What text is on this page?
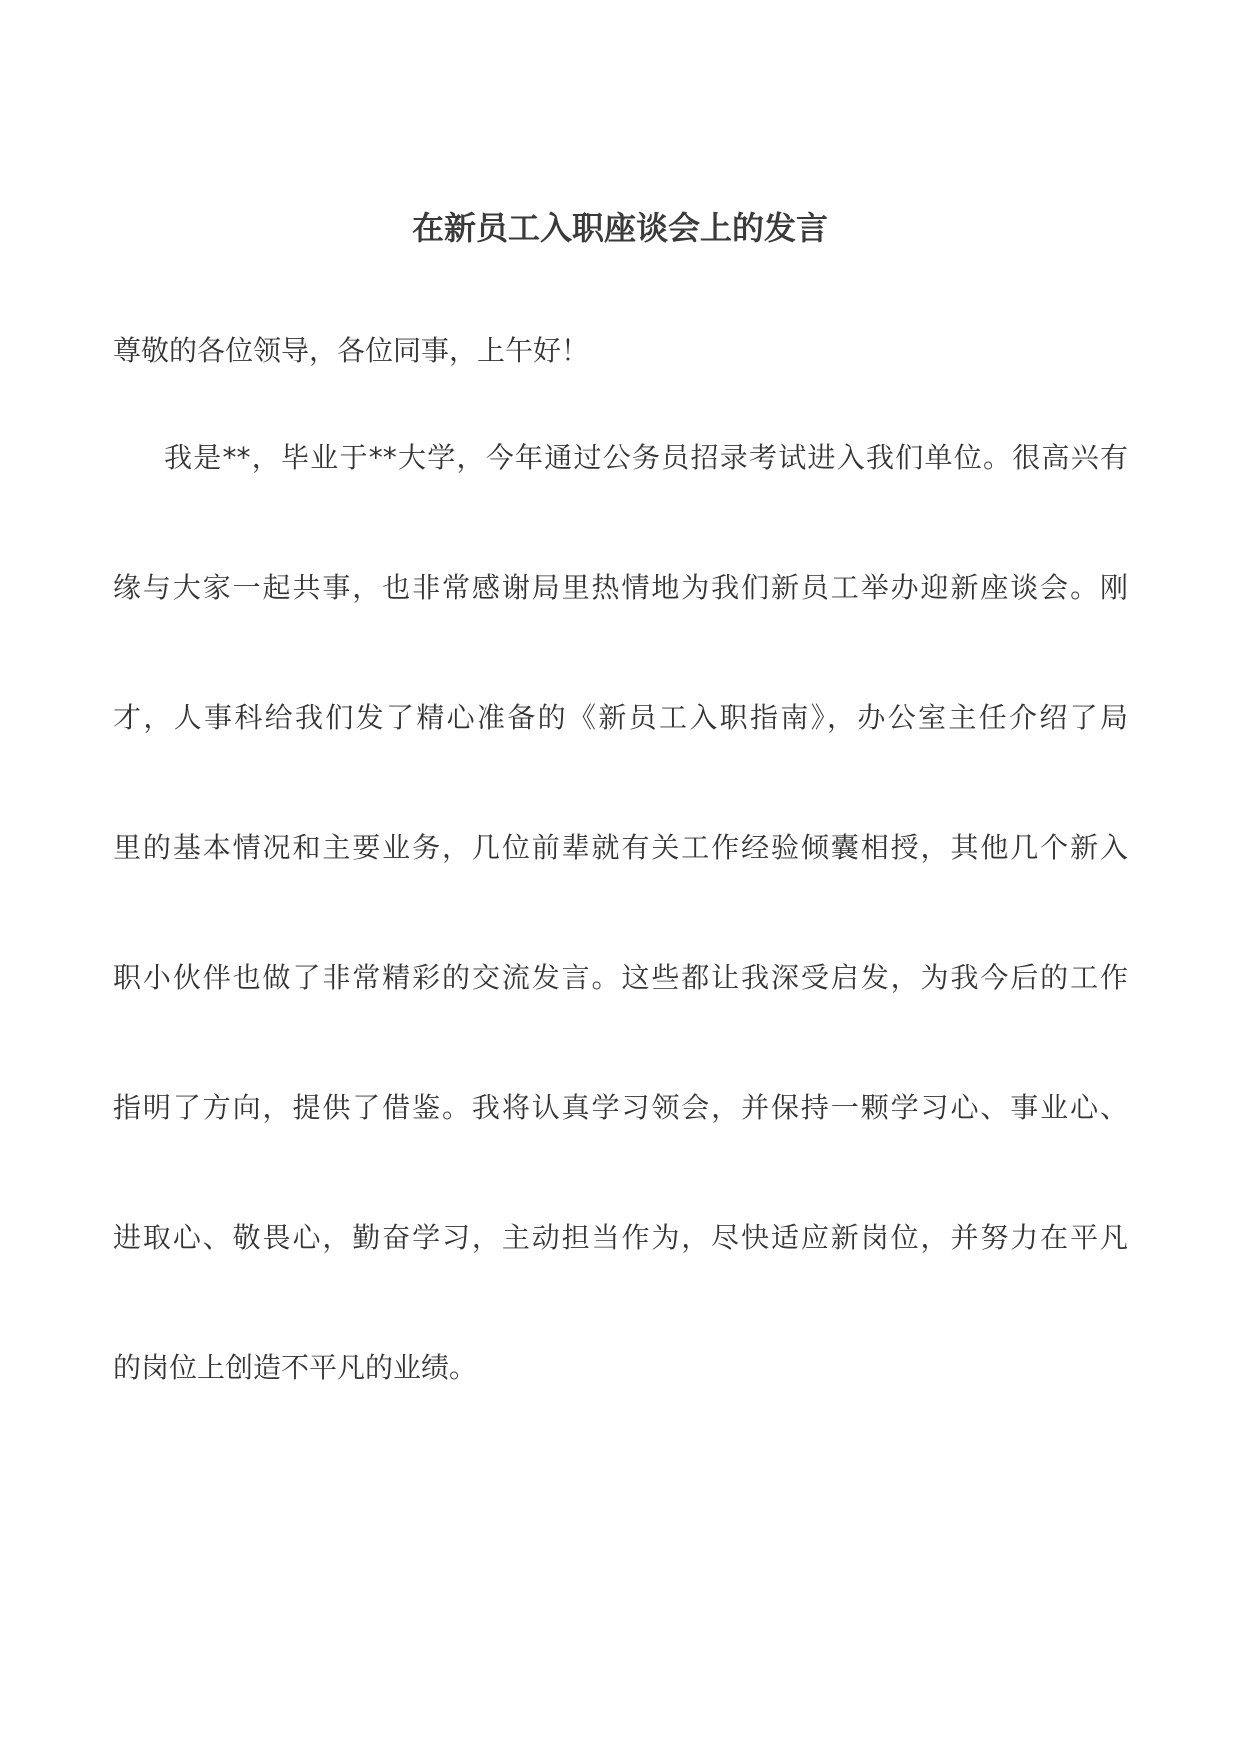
在新员工入职座谈会上的发言

尊敬的各位领导，各位同事，上午好！

我是**，毕业于**大学，今年通过公务员招录考试进入我们单位。很高兴有

缘与大家一起共事，也非常感谢局里热情地为我们新员工举办迎新座谈会。刚

才，人事科给我们发了精心准备的《新员工入职指南》，办公室主任介绍了局

里的基本情况和主要业务，几位前辈就有关工作经验倾囊相授，其他几个新入

职小伙伴也做了非常精彩的交流发言。这些都让我深受启发，为我今后的工作

指明了方向，提供了借鉴。我将认真学习领会，并保持一颗学习心、事业心、

进取心、敬畏心，勤奋学习，主动担当作为，尽快适应新岗位，并努力在平凡

的岗位上创造不平凡的业绩。
